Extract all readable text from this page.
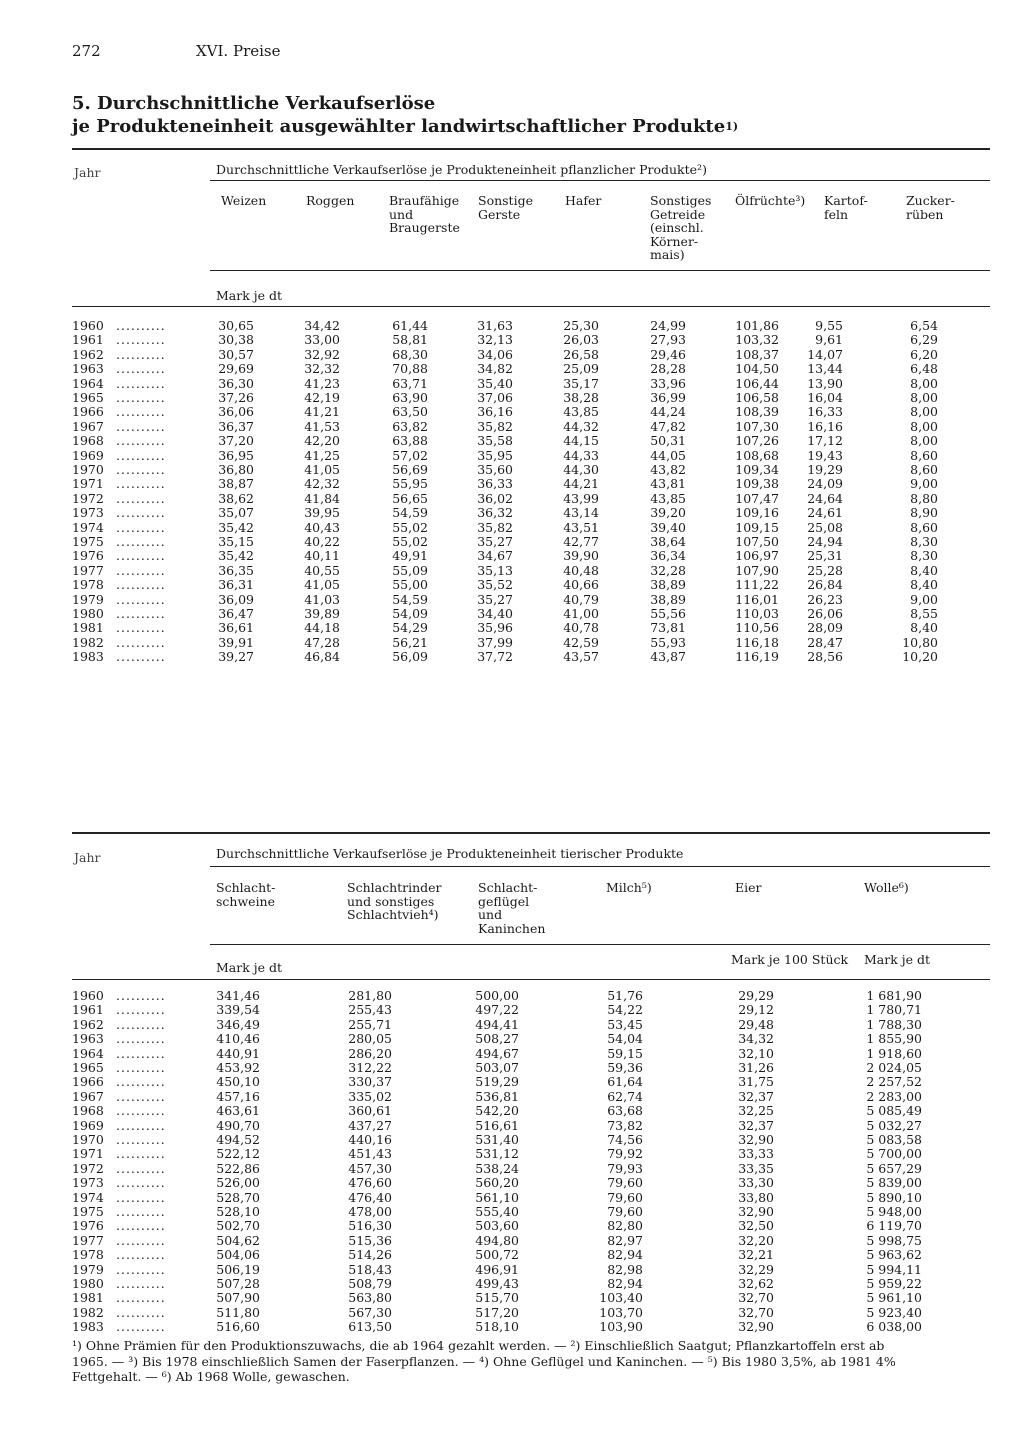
272	XVI. Preise
5. Durchschnittliche Verkaufserlöse
je Produkteneinheit ausgewählter landwirtschaftlicher Produkte$^{1)}$
Jahr	Durchschnittliche Verkaufserlöse je Produkteneinheit pflanzlicher Produkte²)
Weizen	Roggen	Braufähige
und
Braugerste
Sonstige
Gerste
Hafer	Sonstiges
Getreide
(einschl.
Körner-
mais)
Ölfrüchte³) Kartof-
feln
Zucker-
rüben
Mark je dt
1960 ..........	30,65	34,42	61,44	31,63	25,30	24,99	101,86	9,55	6,54
1961 ..........	30,38	33,00	58,81	32,13	26,03	27,93	103,32	9,61	6,29
1962 ..........	30,57	32,92	68,30	34,06	26,58	29,46	108,37 14,07	6,20
1963 ..........	29,69	32,32	70,88	34,82	25,09	28,28	104,50 13,44	6,48
1964 ..........	36,30	41,23	63,71	35,40	35,17	33,96	106,44 13,90	8,00
1965 ..........	37,26	42,19	63,90	37,06	38,28	36,99	106,58 16,04	8,00
1966 ..........	36,06	41,21	63,50	36,16	43,85	44,24	108,39 16,33	8,00
1967 ..........	36,37	41,53	63,82	35,82	44,32	47,82	107,30 16,16	8,00
1968 ..........	37,20	42,20	63,88	35,58	44,15	50,31	107,26 17,12	8,00
1969 ..........	36,95	41,25	57,02	35,95	44,33	44,05	108,68 19,43	8,60
1970 ..........	36,80	41,05	56,69	35,60	44,30	43,82	109,34 19,29	8,60
1971 ..........	38,87	42,32	55,95	36,33	44,21	43,81	109,38 24,09	9,00
1972 ..........	38,62	41,84	56,65	36,02	43,99	43,85	107,47 24,64	8,80
1973 ..........	35,07	39,95	54,59	36,32	43,14	39,20	109,16 24,61	8,90
1974 ..........	35,42	40,43	55,02	35,82	43,51	39,40	109,15 25,08	8,60
1975 ..........	35,15	40,22	55,02	35,27	42,77	38,64	107,50 24,94	8,30
1976 ..........	35,42	40,11	49,91	34,67	39,90	36,34	106,97 25,31	8,30
1977 ..........	36,35	40,55	55,09	35,13	40,48	32,28	107,90 25,28	8,40
1978 ..........	36,31	41,05	55,00	35,52	40,66	38,89	111,22 26,84	8,40
1979 ..........	36,09	41,03	54,59	35,27	40,79	38,89	116,01 26,23	9,00
1980 ..........	36,47	39,89	54,09	34,40	41,00	55,56	110,03 26,06	8,55
1981 ..........	36,61	44,18	54,29	35,96	40,78	73,81	110,56 28,09	8,40
1982 ..........	39,91	47,28	56,21	37,99	42,59	55,93	116,18 28,47	10,80
1983 ..........	39,27	46,84	56,09	37,72	43,57	43,87	116,19 28,56	10,20
Jahr	Durchschnittliche Verkaufserlöse je Produkteneinheit tierischer Produkte
Schlacht-
schweine
Schlachtrinder
und sonstiges
Schlachtvieh⁴)
Schlacht-
geflügel
und
Kaninchen
Milch⁵)	Eier	Wolle⁶)
Mark je dt
Mark je 100 Stück Mark je dt
1960 ..........	341,46	281,80	500,00	51,76	29,29	1 681,90
1961 ..........	339,54	255,43	497,22	54,22	29,12	1 780,71
1962 ..........	346,49	255,71	494,41	53,45	29,48	1 788,30
1963 ..........	410,46	280,05	508,27	54,04	34,32	1 855,90
1964 ..........	440,91	286,20	494,67	59,15	32,10	1 918,60
1965 ..........	453,92	312,22	503,07	59,36	31,26	2 024,05
1966 ..........	450,10	330,37	519,29	61,64	31,75	2 257,52
1967 ..........	457,16	335,02	536,81	62,74	32,37	2 283,00
1968 ..........	463,61	360,61	542,20	63,68	32,25	5 085,49
1969 ..........	490,70	437,27	516,61	73,82	32,37	5 032,27
1970 ..........	494,52	440,16	531,40	74,56	32,90	5 083,58
1971 ..........	522,12	451,43	531,12	79,92	33,33	5 700,00
1972 ..........	522,86	457,30	538,24	79,93	33,35	5 657,29
1973 ..........	526,00	476,60	560,20	79,60	33,30	5 839,00
1974 ..........	528,70	476,40	561,10	79,60	33,80	5 890,10
1975 ..........	528,10	478,00	555,40	79,60	32,90	5 948,00
1976 ..........	502,70	516,30	503,60	82,80	32,50	6 119,70
1977 ..........	504,62	515,36	494,80	82,97	32,20	5 998,75
1978 ..........	504,06	514,26	500,72	82,94	32,21	5 963,62
1979 ..........	506,19	518,43	496,91	82,98	32,29	5 994,11
1980 ..........	507,28	508,79	499,43	82,94	32,62	5 959,22
1981 ..........	507,90	563,80	515,70	103,40	32,70	5 961,10
1982 ..........	511,80	567,30	517,20	103,70	32,70	5 923,40
1983 ..........	516,60	613,50	518,10	103,90	32,90	6 038,00
¹) Ohne Prämien für den Produktionszuwachs, die ab 1964 gezahlt werden. — ²) Einschließlich Saatgut; Pflanzkartoffeln erst ab
1965. — ³) Bis 1978 einschließlich Samen der Faserpflanzen. — ⁴) Ohne Geflügel und Kaninchen. — ⁵) Bis 1980 3,5%, ab 1981 4%
Fettgehalt. — ⁶) Ab 1968 Wolle, gewaschen.
